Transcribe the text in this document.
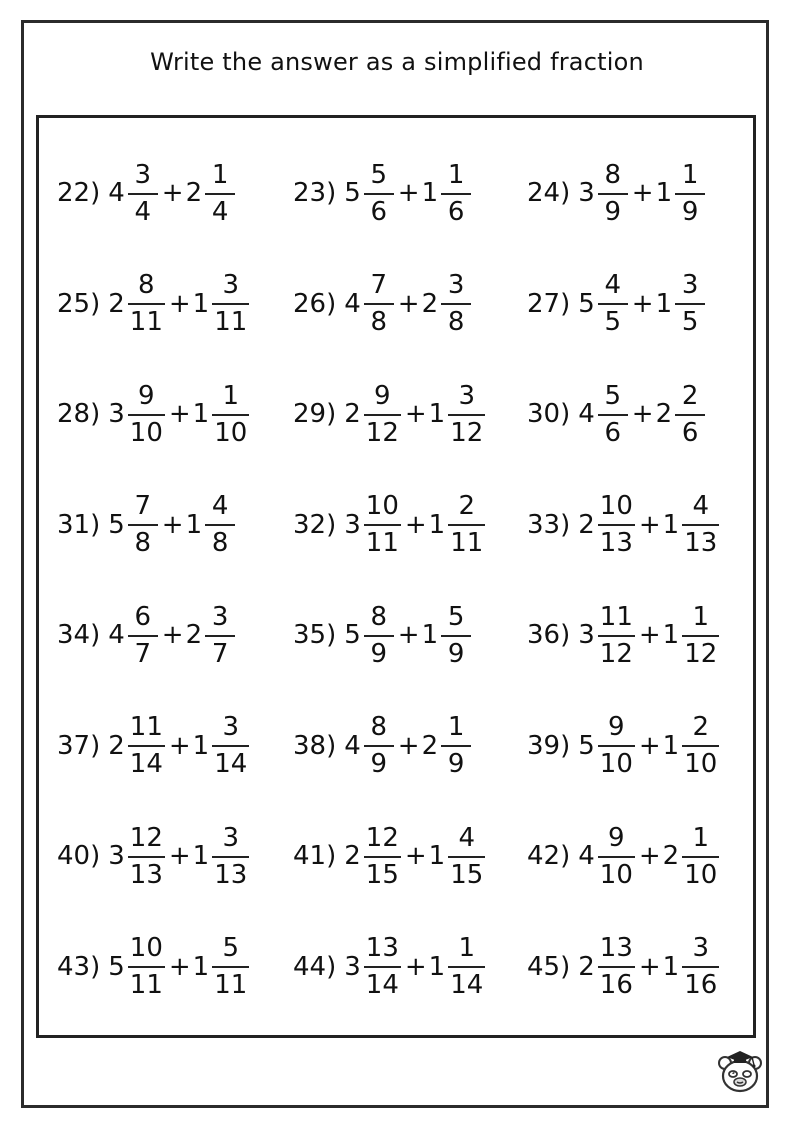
Write the answer as a simplified fraction
22) $4 \frac{3}{4} + 2 \frac{1}{4} 23$) $5 \frac{5}{6} + 1 \frac{1}{6} 24$) $3 \frac{8}{9} + 1 \frac{1}{9}$
25) $2 \frac{8}{11} + 1 \frac{3}{11} 26$) $4 \frac{7}{8} + 2 \frac{3}{8} 27$) $5 \frac{4}{5} + 1 \frac{3}{5}$
28) $3 \frac{9}{10} + 1 \frac{1}{10} 29$) $2 \frac{9}{12} + 1 \frac{3}{12} 30$) $4 \frac{5}{6} + 2 \frac{2}{6}$
31) $5 \frac{7}{8} + 1 \frac{4}{8} 32$) $3 \frac{10}{11} + 1 \frac{2}{11} 33$) $2 \frac{10}{13} + 1 \frac{4}{13}$
34) $4 \frac{6}{7} + 2 \frac{3}{7} 35$) $5 \frac{8}{9} + 1 \frac{5}{9} 36$) $3 \frac{11}{12} + 1 \frac{1}{12}$
37) $2 \frac{11}{14} + 1 \frac{3}{14} 38$) $4 \frac{8}{9} + 2 \frac{1}{9} 39$) $5 \frac{9}{10} + 1 \frac{2}{10}$
40) $3 \frac{12}{13} + 1 \frac{3}{13} 41$) $2 \frac{12}{15} + 1 \frac{4}{15} 42$) $4 \frac{9}{10} + 2 \frac{1}{10}$
43) $5 \frac{10}{11} + 1 \frac{5}{11} 44$) $3 \frac{13}{14} + 1 \frac{1}{14} 45$) $2 \frac{13}{16} + 1 \frac{3}{16}$
